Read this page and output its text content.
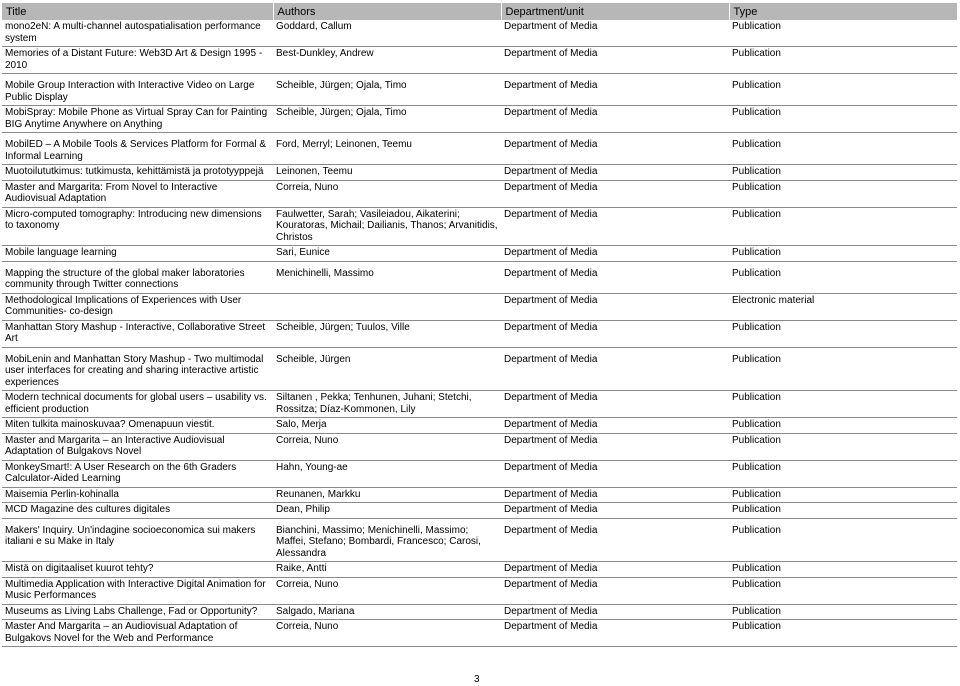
Title	Authors	Department/unit	Type
mono2eN: A multi-channel autospatialisation performance system	Goddard, Callum	Department of Media	Publication
Memories of a Distant Future: Web3D Art & Design 1995 - 2010	Best-Dunkley, Andrew	Department of Media	Publication
Mobile Group Interaction with Interactive Video on Large Public Display	Scheible, Jürgen; Ojala, Timo	Department of Media	Publication
MobiSpray: Mobile Phone as Virtual Spray Can for Painting BIG Anytime Anywhere on Anything	Scheible, Jürgen; Ojala, Timo	Department of Media	Publication
MobilED – A Mobile Tools & Services Platform for Formal & Informal Learning	Ford, Merryl; Leinonen, Teemu	Department of Media	Publication
Muotoilututkimus: tutkimusta, kehittämistä ja prototyyppejä	Leinonen, Teemu	Department of Media	Publication
Master and Margarita: From Novel to Interactive Audiovisual Adaptation	Correia, Nuno	Department of Media	Publication
Micro-computed tomography: Introducing new dimensions to taxonomy	Faulwetter, Sarah; Vasileiadou, Aikaterini; Kouratoras, Michail; Dailianis, Thanos; Arvanitidis, Christos	Department of Media	Publication
Mobile language learning	Sari, Eunice	Department of Media	Publication
Mapping the structure of the global maker laboratories community through Twitter connections	Menichinelli, Massimo	Department of Media	Publication
Methodological Implications of Experiences with User Communities- co-design		Department of Media	Electronic material
Manhattan Story Mashup - Interactive, Collaborative Street Art	Scheible, Jürgen; Tuulos, Ville	Department of Media	Publication
MobiLenin and Manhattan Story Mashup - Two multimodal user interfaces for creating and sharing interactive artistic experiences	Scheible, Jürgen	Department of Media	Publication
Modern technical documents for global users – usability vs. efficient production	Siltanen , Pekka; Tenhunen, Juhani; Stetchi, Rossitza; Díaz-Kommonen, Lily	Department of Media	Publication
Miten tulkita mainoskuvaa? Omenapuun viestit.	Salo, Merja	Department of Media	Publication
Master and Margarita – an Interactive Audiovisual Adaptation of Bulgakovs Novel	Correia, Nuno	Department of Media	Publication
MonkeySmart!: A User Research on the 6th Graders Calculator-Aided Learning	Hahn, Young-ae	Department of Media	Publication
Maisemia Perlin-kohinalla	Reunanen, Markku	Department of Media	Publication
MCD Magazine des cultures digitales	Dean, Philip	Department of Media	Publication
Makers' Inquiry. Un'indagine socioeconomica sui makers italiani e su Make in Italy	Bianchini, Massimo; Menichinelli, Massimo; Maffei, Stefano; Bombardi, Francesco; Carosi, Alessandra	Department of Media	Publication
Mistä on digitaaliset kuurot tehty?	Raike, Antti	Department of Media	Publication
Multimedia Application with Interactive Digital Animation for Music Performances	Correia, Nuno	Department of Media	Publication
Museums as Living Labs Challenge, Fad or Opportunity?	Salgado, Mariana	Department of Media	Publication
Master And Margarita – an Audiovisual Adaptation of Bulgakovs Novel for the Web and Performance	Correia, Nuno	Department of Media	Publication
3
